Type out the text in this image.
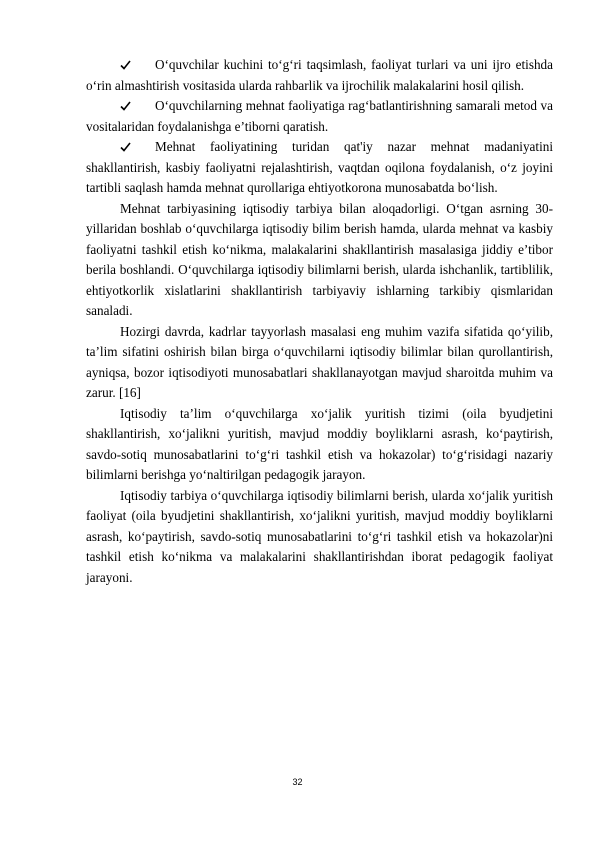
O‘quvchilar kuchini to‘g‘ri taqsimlash, faoliyat turlari va uni ijro etishda o‘rin almashtirish vositasida ularda rahbarlik va ijrochilik malakalarini hosil qilish.
O‘quvchilarning mehnat faoliyatiga rag‘batlantirishning samarali metod va vositalaridan foydalanishga e’tiborni qaratish.
Mehnat faoliyatining turidan qat'iy nazar mehnat madaniyatini shakllantirish, kasbiy faoliyatni rejalashtirish, vaqtdan oqilona foydalanish, o‘z joyini tartibli saqlash hamda mehnat qurollariga ehtiyotkorona munosabatda bo‘lish.

Mehnat tarbiyasining iqtisodiy tarbiya bilan aloqadorligi. O‘tgan asrning 30-yillaridan boshlab o‘quvchilarga iqtisodiy bilim berish hamda, ularda mehnat va kasbiy faoliyatni tashkil etish ko‘nikma, malakalarini shakllantirish masalasiga jiddiy e’tibor berila boshlandi. O‘quvchilarga iqtisodiy bilimlarni berish, ularda ishchanlik, tartiblilik, ehtiyotkorlik xislatlarini shakllantirish tarbiyaviy ishlarning tarkibiy qismlaridan sanaladi.

Hozirgi davrda, kadrlar tayyorlash masalasi eng muhim vazifa sifatida qo‘yilib, ta’lim sifatini oshirish bilan birga o‘quvchilarni iqtisodiy bilimlar bilan qurollantirish, ayniqsa, bozor iqtisodiyoti munosabatlari shakllanayotgan mavjud sharoitda muhim va zarur. [16]

Iqtisodiy ta’lim o‘quvchilarga xo‘jalik yuritish tizimi (oila byudjetini shakllantirish, xo‘jalikni yuritish, mavjud moddiy boyliklarni asrash, ko‘paytirish, savdo-sotiq munosabatlarini to‘g‘ri tashkil etish va hokazolar) to‘g‘risidagi nazariy bilimlarni berishga yo‘naltirilgan pedagogik jarayon.

Iqtisodiy tarbiya o‘quvchilarga iqtisodiy bilimlarni berish, ularda xo‘jalik yuritish faoliyat (oila byudjetini shakllantirish, xo‘jalikni yuritish, mavjud moddiy boyliklarni asrash, ko‘paytirish, savdo-sotiq munosabatlarini to‘g‘ri tashkil etish va hokazolar)ni tashkil etish ko‘nikma va malakalarini shakllantirishdan iborat pedagogik faoliyat jarayoni.

32
